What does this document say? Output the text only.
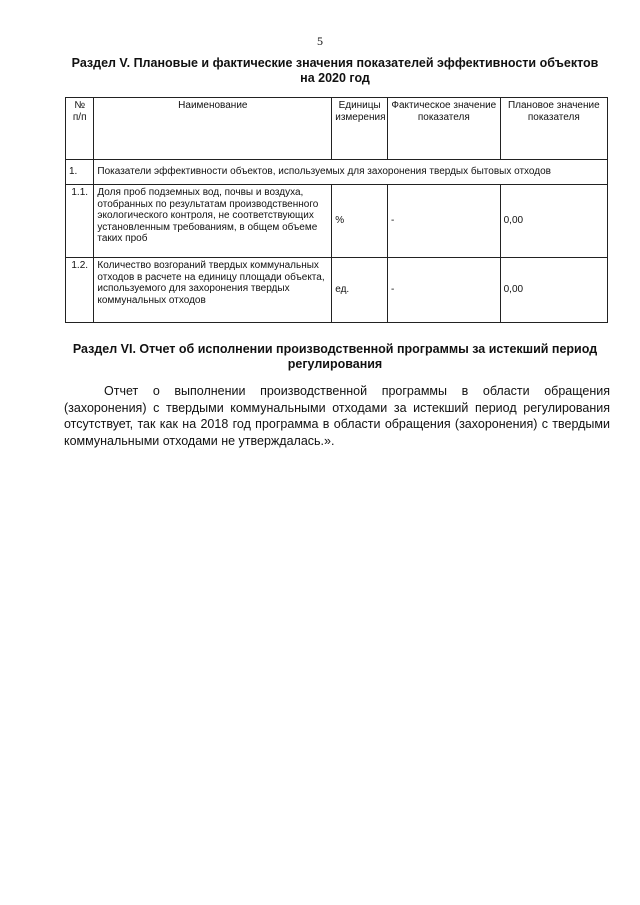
5
Раздел V. Плановые и фактические значения показателей эффективности объектов на 2020 год
№ п/п	Наименование	Единицы измерения	Фактическое значение показателя	Плановое значение показателя
1.	Показатели эффективности объектов, используемых для захоронения твердых бытовых отходов			
1.1.	Доля проб подземных вод, почвы и воздуха, отобранных по результатам производственного экологического контроля, не соответствующих установленным требованиям, в общем объеме таких проб	%	-	0,00
1.2.	Количество возгораний твердых коммунальных отходов в расчете на единицу площади объекта, используемого для захоронения твердых коммунальных отходов	ед.	-	0,00
Раздел VI. Отчет об исполнении производственной программы за истекший период регулирования

Отчет о выполнении производственной программы в области обращения (захоронения) с твердыми коммунальными отходами за истекший период регулирования отсутствует, так как на 2018 год программа в области обращения (захоронения) с твердыми коммунальными отходами не утверждалась.».
